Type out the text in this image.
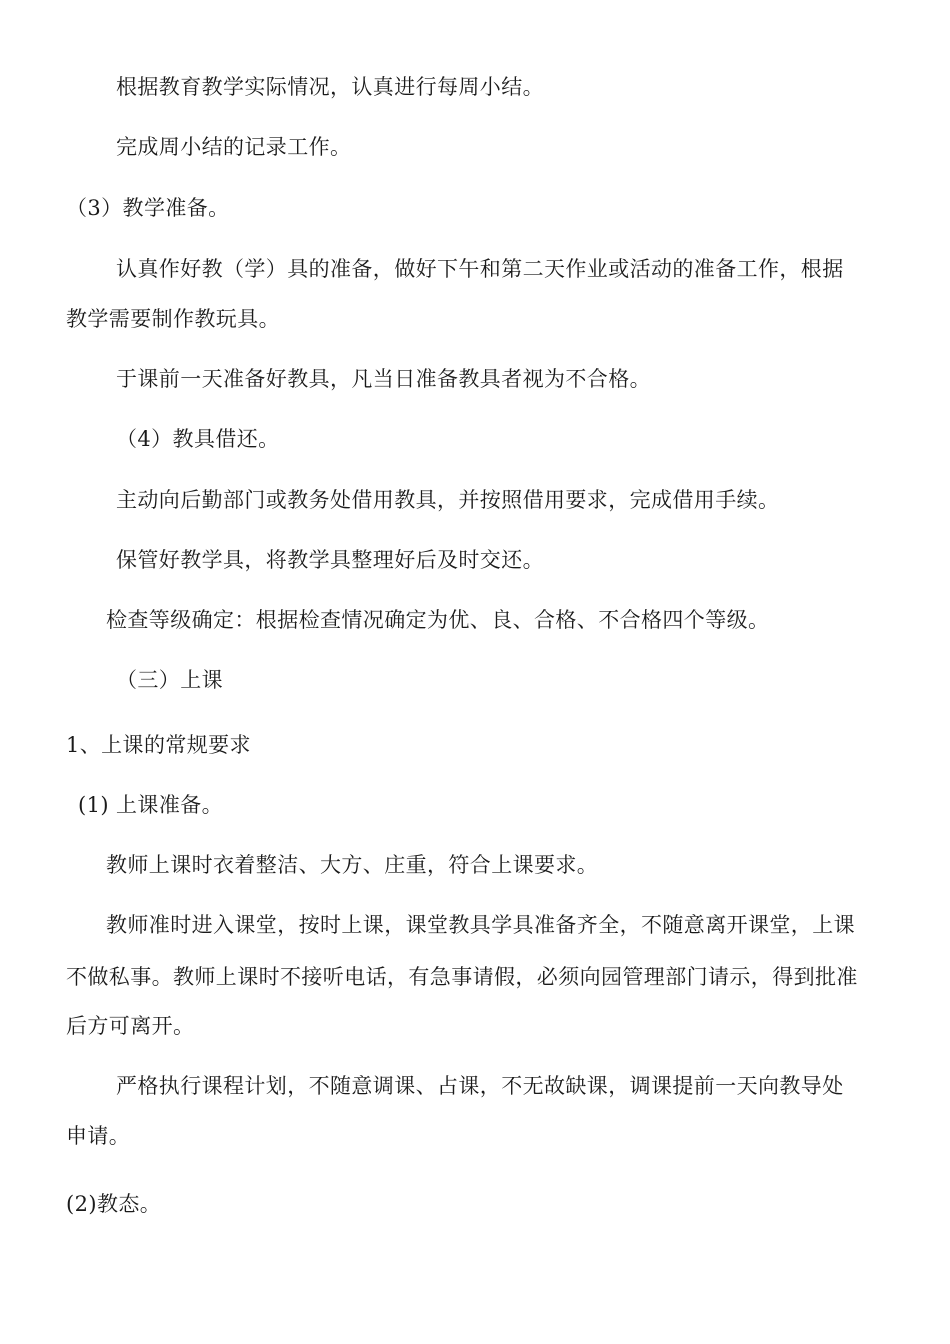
根据教育教学实际情况，认真进行每周小结。
完成周小结的记录工作。
（3）教学准备。
认真作好教（学）具的准备，做好下午和第二天作业或活动的准备工作，根据
教学需要制作教玩具。
于课前一天准备好教具，凡当日准备教具者视为不合格。
（4）教具借还。
主动向后勤部门或教务处借用教具，并按照借用要求，完成借用手续。
保管好教学具，将教学具整理好后及时交还。
检查等级确定：根据检查情况确定为优、良、合格、不合格四个等级。
（三）上课
1、上课的常规要求
(1) 上课准备。
教师上课时衣着整洁、大方、庄重，符合上课要求。
教师准时进入课堂，按时上课，课堂教具学具准备齐全，不随意离开课堂，上课
不做私事。教师上课时不接听电话，有急事请假，必须向园管理部门请示，得到批准
后方可离开。
严格执行课程计划，不随意调课、占课，不无故缺课，调课提前一天向教导处
申请。
(2)教态。
